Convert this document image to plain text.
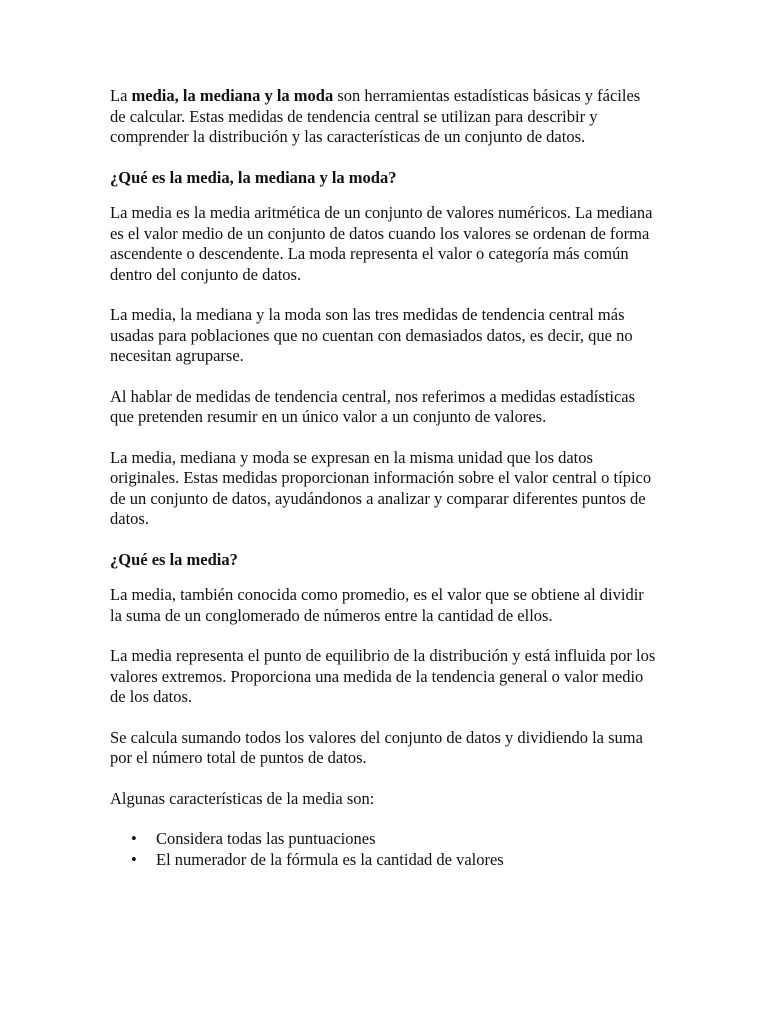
La media, la mediana y la moda son herramientas estadísticas básicas y fáciles de calcular. Estas medidas de tendencia central se utilizan para describir y comprender la distribución y las características de un conjunto de datos.

¿Qué es la media, la mediana y la moda?

La media es la media aritmética de un conjunto de valores numéricos. La mediana es el valor medio de un conjunto de datos cuando los valores se ordenan de forma ascendente o descendente. La moda representa el valor o categoría más común dentro del conjunto de datos.

La media, la mediana y la moda son las tres medidas de tendencia central más usadas para poblaciones que no cuentan con demasiados datos, es decir, que no necesitan agruparse.

Al hablar de medidas de tendencia central, nos referimos a medidas estadísticas que pretenden resumir en un único valor a un conjunto de valores.

La media, mediana y moda se expresan en la misma unidad que los datos originales. Estas medidas proporcionan información sobre el valor central o típico de un conjunto de datos, ayudándonos a analizar y comparar diferentes puntos de datos.

¿Qué es la media?

La media, también conocida como promedio, es el valor que se obtiene al dividir la suma de un conglomerado de números entre la cantidad de ellos.

La media representa el punto de equilibrio de la distribución y está influida por los valores extremos. Proporciona una medida de la tendencia general o valor medio de los datos.

Se calcula sumando todos los valores del conjunto de datos y dividiendo la suma por el número total de puntos de datos.

Algunas características de la media son:

• Considera todas las puntuaciones
• El numerador de la fórmula es la cantidad de valores
